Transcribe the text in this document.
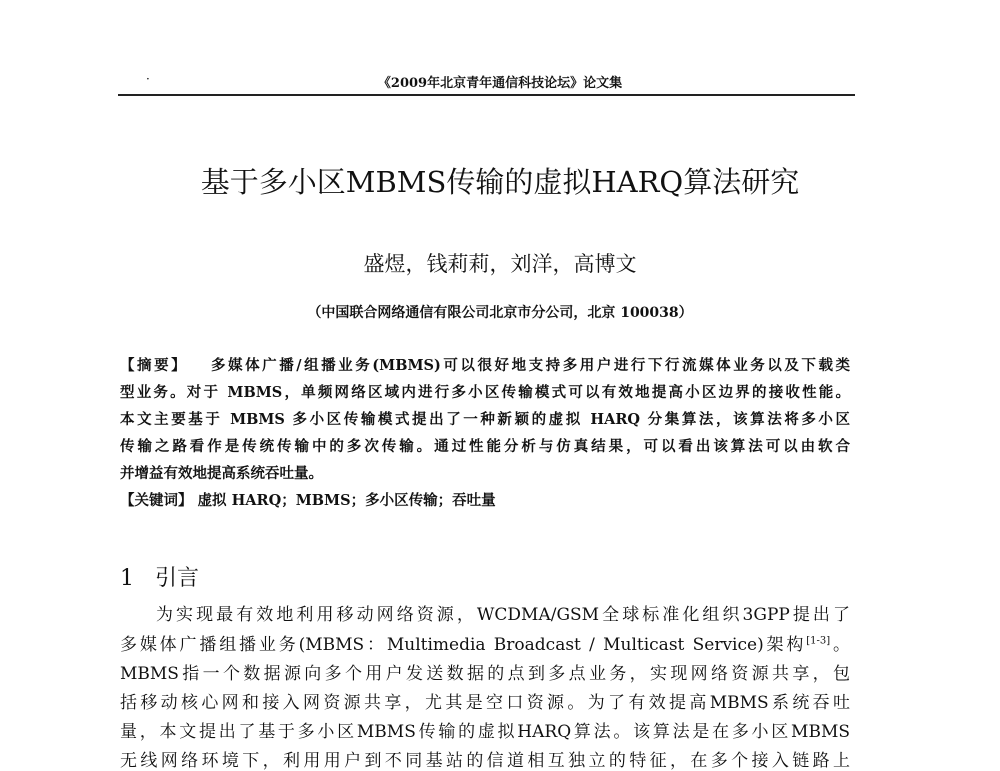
·	《2009年北京青年通信科技论坛》论文集
基于多小区MBMS传输的虚拟HARQ算法研究
盛煜，钱莉莉，刘洋，高博文
（中国联合网络通信有限公司北京市分公司，北京 100038）
【摘要】 多媒体广播/组播业务(MBMS)可以很好地支持多用户进行下行流媒体业务以及下载类
型业务。对于 MBMS，单频网络区域内进行多小区传输模式可以有效地提高小区边界的接收性能。
本文主要基于 MBMS 多小区传输模式提出了一种新颖的虚拟 HARQ 分集算法，该算法将多小区
传输之路看作是传统传输中的多次传输。通过性能分析与仿真结果，可以看出该算法可以由软合
并增益有效地提高系统吞吐量。
【关键词】 虚拟 HARQ；MBMS；多小区传输；吞吐量
1 引言
为实现最有效地利用移动网络资源，WCDMA/GSM全球标准化组织3GPP提出了
多媒体广播组播业务(MBMS：Multimedia Broadcast / Multicast Service)架构[1-3]。
MBMS指一个数据源向多个用户发送数据的点到多点业务，实现网络资源共享，包
括移动核心网和接入网资源共享，尤其是空口资源。为了有效提高MBMS系统吞吐
量，本文提出了基于多小区MBMS传输的虚拟HARQ算法。该算法是在多小区MBMS
无线网络环境下，利用用户到不同基站的信道相互独立的特征，在多个接入链路上
